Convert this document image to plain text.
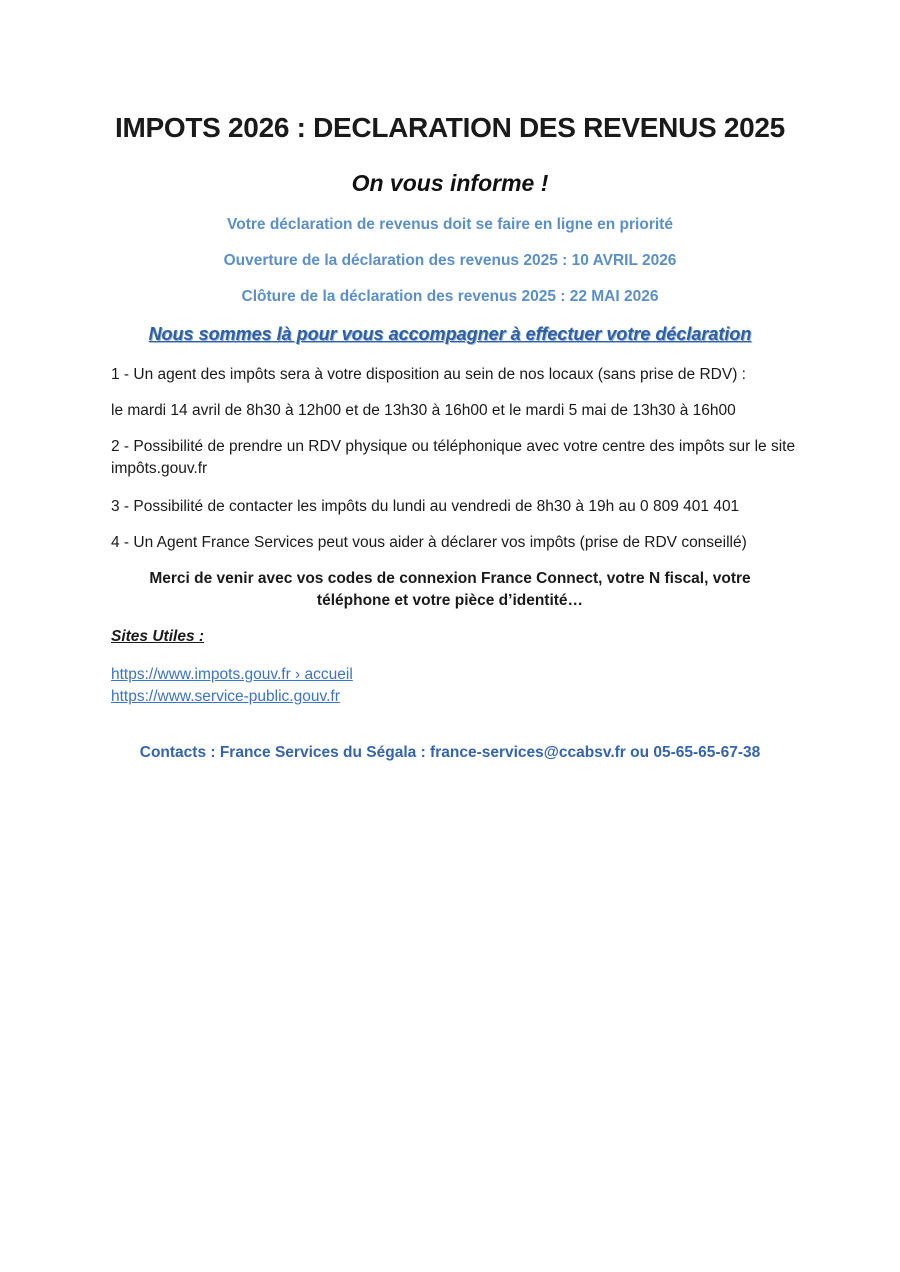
IMPOTS 2026 : DECLARATION DES REVENUS 2025
On vous informe !
Votre déclaration de revenus doit se faire en ligne en priorité
Ouverture de la déclaration des revenus 2025 : 10 AVRIL 2026
Clôture de la déclaration des revenus 2025 : 22 MAI 2026
Nous sommes là pour vous accompagner à effectuer votre déclaration
1 - Un agent des impôts sera à votre disposition au sein de nos locaux (sans prise de RDV) :
le mardi 14 avril de 8h30 à 12h00 et de 13h30 à 16h00 et le mardi 5 mai de 13h30 à 16h00
2 - Possibilité de prendre un RDV physique ou téléphonique avec votre centre des impôts sur le site impôts.gouv.fr
3 - Possibilité de contacter les impôts du lundi au vendredi de 8h30 à 19h au 0 809 401 401
4 - Un Agent France Services peut vous aider à déclarer vos impôts (prise de RDV conseillé)
Merci de venir avec vos codes de connexion France Connect, votre N fiscal, votre téléphone et votre pièce d’identité…
Sites Utiles :
https://www.impots.gouv.fr › accueil
https://www.service-public.gouv.fr
Contacts : France Services du Ségala : france-services@ccabsv.fr ou 05-65-65-67-38
